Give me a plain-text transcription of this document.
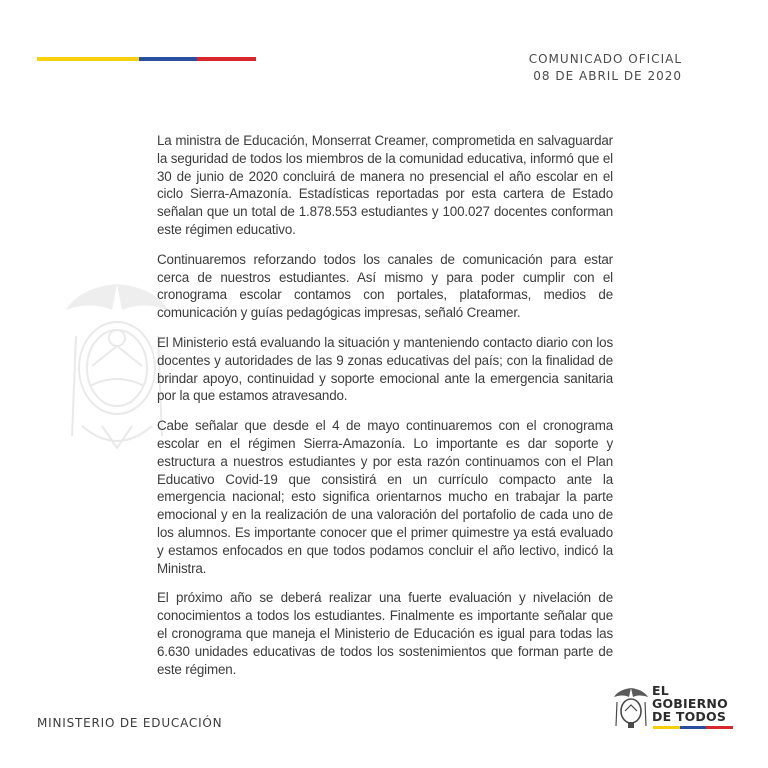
COMUNICADO OFICIAL
08 DE ABRIL DE 2020

La ministra de Educación, Monserrat Creamer, comprometida en salvaguardar la seguridad de todos los miembros de la comunidad educativa, informó que el 30 de junio de 2020 concluirá de manera no presencial el año escolar en el ciclo Sierra-Amazonía. Estadísticas reportadas por esta cartera de Estado señalan que un total de 1.878.553 estudiantes y 100.027 docentes conforman este régimen educativo.

Continuaremos reforzando todos los canales de comunicación para estar cerca de nuestros estudiantes. Así mismo y para poder cumplir con el cronograma escolar contamos con portales, plataformas, medios de comunicación y guías pedagógicas impresas, señaló Creamer.

El Ministerio está evaluando la situación y manteniendo contacto diario con los docentes y autoridades de las 9 zonas educativas del país; con la finalidad de brindar apoyo, continuidad y soporte emocional ante la emergencia sanitaria por la que estamos atravesando.

Cabe señalar que desde el 4 de mayo continuaremos con el cronograma escolar en el régimen Sierra-Amazonía. Lo importante es dar soporte y estructura a nuestros estudiantes y por esta razón continuamos con el Plan Educativo Covid-19 que consistirá en un currículo compacto ante la emergencia nacional; esto significa orientarnos mucho en trabajar la parte emocional y en la realización de una valoración del portafolio de cada uno de los alumnos. Es importante conocer que el primer quimestre ya está evaluado y estamos enfocados en que todos podamos concluir el año lectivo, indicó la Ministra.

El próximo año se deberá realizar una fuerte evaluación y nivelación de conocimientos a todos los estudiantes. Finalmente es importante señalar que el cronograma que maneja el Ministerio de Educación es igual para todas las 6.630 unidades educativas de todos los sostenimientos que forman parte de este régimen.

MINISTERIO DE EDUCACIÓN
EL
GOBIERNO
DE TODOS
